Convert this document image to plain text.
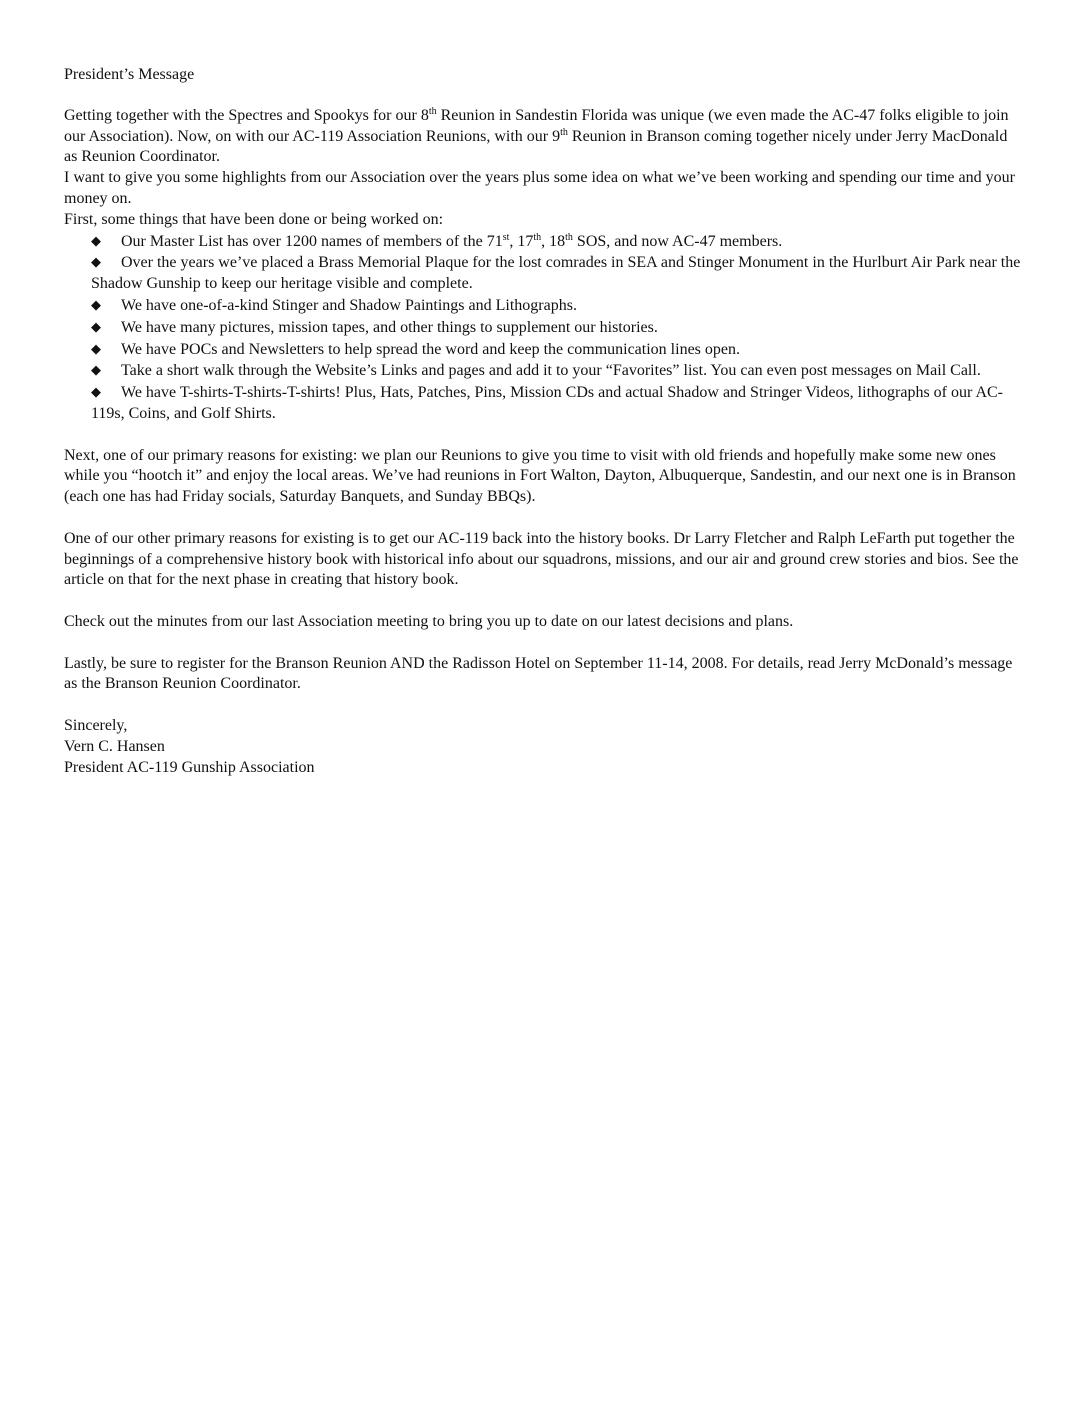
President’s Message

Getting together with the Spectres and Spookys for our 8th Reunion in Sandestin Florida was unique (we even made the AC-47 folks eligible to join our Association). Now, on with our AC-119 Association Reunions, with our 9th Reunion in Branson coming together nicely under Jerry MacDonald as Reunion Coordinator.

I want to give you some highlights from our Association over the years plus some idea on what we’ve been working and spending our time and your money on.

First, some things that have been done or being worked on:

◆ Our Master List has over 1200 names of members of the 71st, 17th, 18th SOS, and now AC-47 members.
◆ Over the years we’ve placed a Brass Memorial Plaque for the lost comrades in SEA and Stinger Monument in the Hurlburt Air Park near the Shadow Gunship to keep our heritage visible and complete.
◆ We have one-of-a-kind Stinger and Shadow Paintings and Lithographs.
◆ We have many pictures, mission tapes, and other things to supplement our histories.
◆ We have POCs and Newsletters to help spread the word and keep the communication lines open.
◆ Take a short walk through the Website’s Links and pages and add it to your “Favorites” list. You can even post messages on Mail Call.
◆ We have T-shirts-T-shirts-T-shirts! Plus, Hats, Patches, Pins, Mission CDs and actual Shadow and Stringer Videos, lithographs of our AC-119s, Coins, and Golf Shirts.

Next, one of our primary reasons for existing: we plan our Reunions to give you time to visit with old friends and hopefully make some new ones while you “hootch it” and enjoy the local areas. We’ve had reunions in Fort Walton, Dayton, Albuquerque, Sandestin, and our next one is in Branson (each one has had Friday socials, Saturday Banquets, and Sunday BBQs).

One of our other primary reasons for existing is to get our AC-119 back into the history books. Dr Larry Fletcher and Ralph LeFarth put together the beginnings of a comprehensive history book with historical info about our squadrons, missions, and our air and ground crew stories and bios. See the article on that for the next phase in creating that history book.

Check out the minutes from our last Association meeting to bring you up to date on our latest decisions and plans.

Lastly, be sure to register for the Branson Reunion AND the Radisson Hotel on September 11-14, 2008. For details, read Jerry McDonald’s message as the Branson Reunion Coordinator.

Sincerely,

Vern C. Hansen

President AC-119 Gunship Association
